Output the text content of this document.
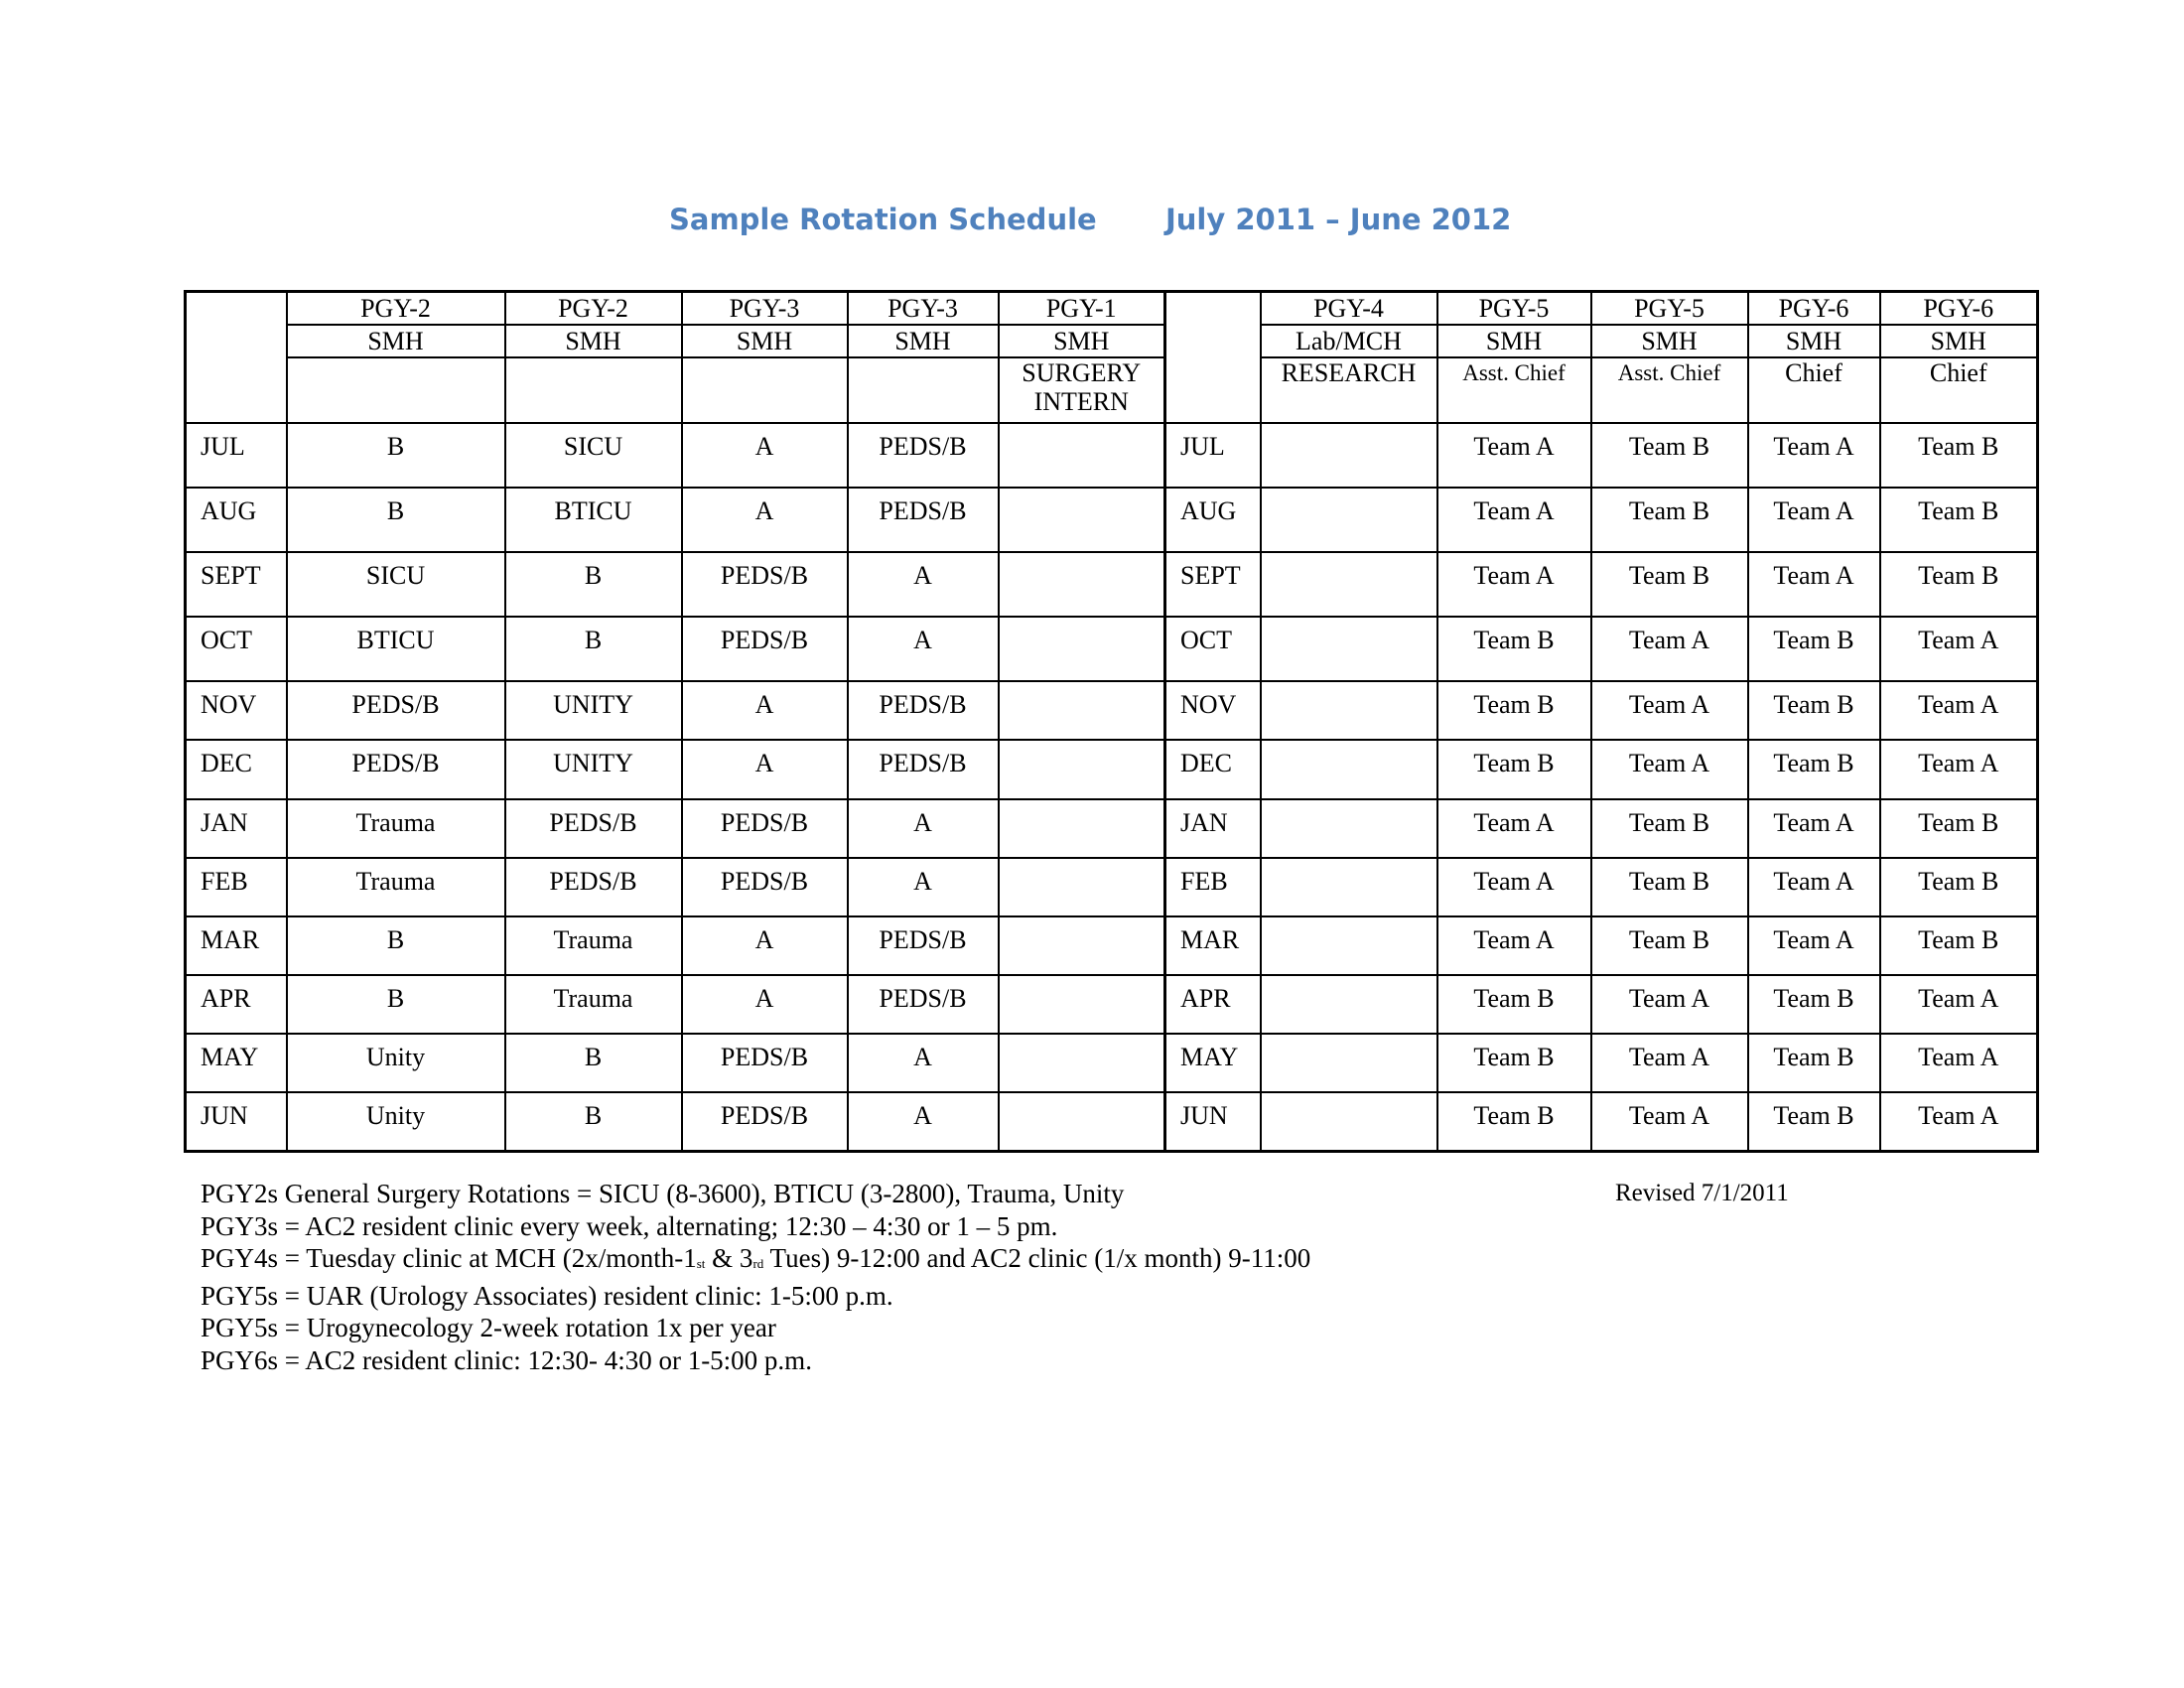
Sample Rotation Schedule July 2011 – June 2012
	PGY-2	PGY-2	PGY-3	PGY-3	PGY-1		PGY-4	PGY-5	PGY-5	PGY-6	PGY-6
	SMH	SMH	SMH	SMH	SMH		Lab/MCH	SMH	SMH	SMH	SMH
					SURGERY INTERN		RESEARCH	Asst. Chief	Asst. Chief	Chief	Chief
JUL	B	SICU	A	PEDS/B		JUL		Team A	Team B	Team A	Team B
AUG	B	BTICU	A	PEDS/B		AUG		Team A	Team B	Team A	Team B
SEPT	SICU	B	PEDS/B	A		SEPT		Team A	Team B	Team A	Team B
OCT	BTICU	B	PEDS/B	A		OCT		Team B	Team A	Team B	Team A
NOV	PEDS/B	UNITY	A	PEDS/B		NOV		Team B	Team A	Team B	Team A
DEC	PEDS/B	UNITY	A	PEDS/B		DEC		Team B	Team A	Team B	Team A
JAN	Trauma	PEDS/B	PEDS/B	A		JAN		Team A	Team B	Team A	Team B
FEB	Trauma	PEDS/B	PEDS/B	A		FEB		Team A	Team B	Team A	Team B
MAR	B	Trauma	A	PEDS/B		MAR		Team A	Team B	Team A	Team B
APR	B	Trauma	A	PEDS/B		APR		Team B	Team A	Team B	Team A
MAY	Unity	B	PEDS/B	A		MAY		Team B	Team A	Team B	Team A
JUN	Unity	B	PEDS/B	A		JUN		Team B	Team A	Team B	Team A
PGY2s General Surgery Rotations = SICU (8-3600), BTICU (3-2800), Trauma, Unity
PGY3s = AC2 resident clinic every week, alternating; 12:30 – 4:30 or 1 – 5 pm.
PGY4s = Tuesday clinic at MCH (2x/month-1st & 3rd Tues) 9-12:00 and AC2 clinic (1/x month) 9-11:00
PGY5s = UAR (Urology Associates) resident clinic: 1-5:00 p.m.
PGY5s = Urogynecology 2-week rotation 1x per year
PGY6s = AC2 resident clinic: 12:30- 4:30 or 1-5:00 p.m.
Revised 7/1/2011
